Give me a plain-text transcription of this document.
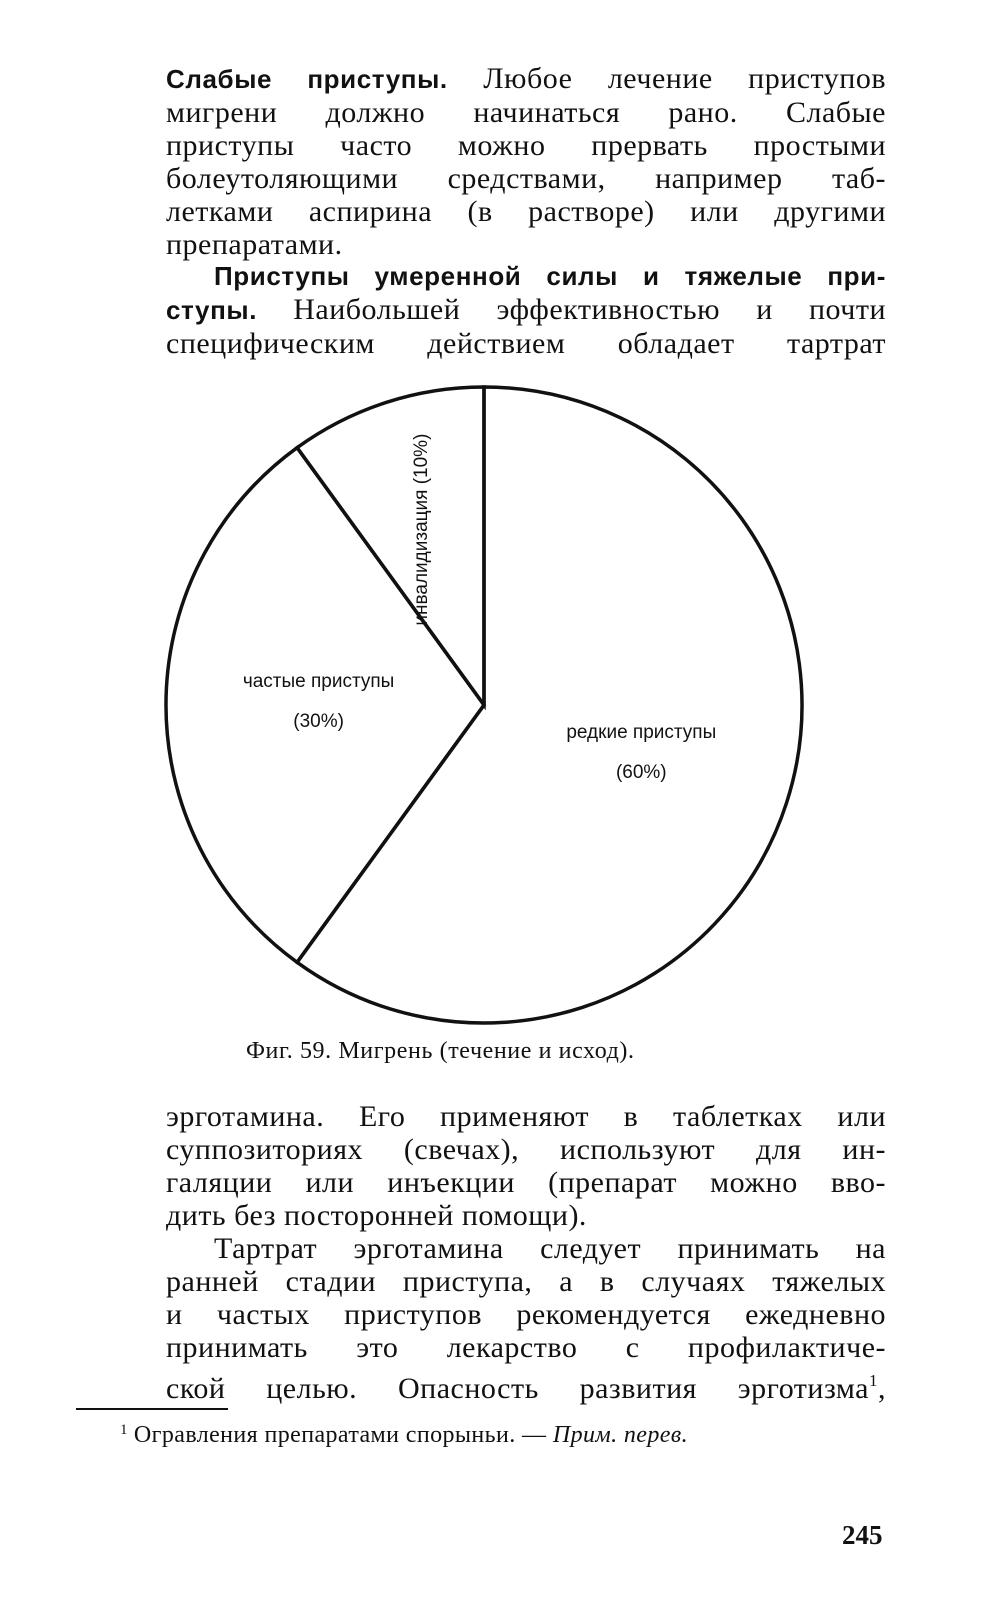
Слабые приступы. Любое лечение приступов
мигрени должно начинаться рано. Слабые
приступы часто можно прервать простыми
болеутоляющими средствами, например таб-
летками аспирина (в растворе) или другими
препаратами.
Приступы умеренной силы и тяжелые при-
ступы. Наибольшей эффективностью и почти
специфическим действием обладает тартрат
редкие приступы
(60%)
частые приступы
(30%)
инвалидизация (10%)
Фиг. 59. Мигрень (течение и исход).
эрготамина. Его применяют в таблетках или
суппозиториях (свечах), используют для ин-
галяции или инъекции (препарат можно вво-
дить без посторонней помощи).
Тартрат эрготамина следует принимать на
ранней стадии приступа, а в случаях тяжелых
и частых приступов рекомендуется ежедневно
принимать это лекарство с профилактиче-
ской целью. Опасность развития эрготизма$^1$,
$^1$ Огравления препаратами спорыньи. — Прим. перев.
245
